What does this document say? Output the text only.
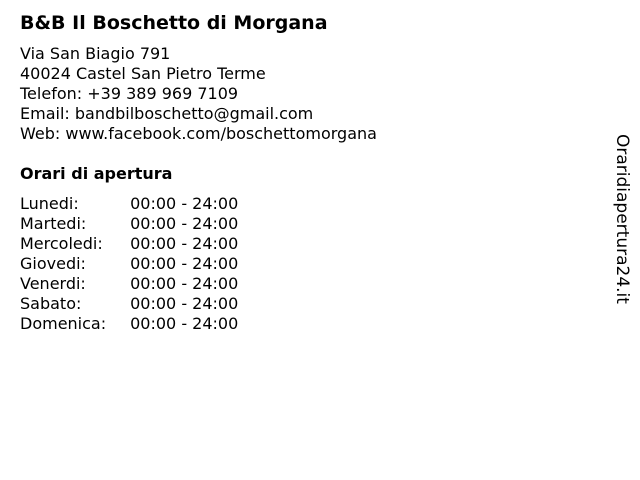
B&B Il Boschetto di Morgana
Via San Biagio 791
40024 Castel San Pietro Terme
Telefon: +39 389 969 7109
Email: bandbilboschetto@gmail.com
Web: www.facebook.com/boschettomorgana
Orari di apertura
Lunedi:	00:00 - 24:00
Martedi:	00:00 - 24:00
Mercoledi:	00:00 - 24:00
Giovedi:	00:00 - 24:00
Venerdi:	00:00 - 24:00
Sabato:	00:00 - 24:00
Domenica:	00:00 - 24:00
Oraridiapertura24.it
